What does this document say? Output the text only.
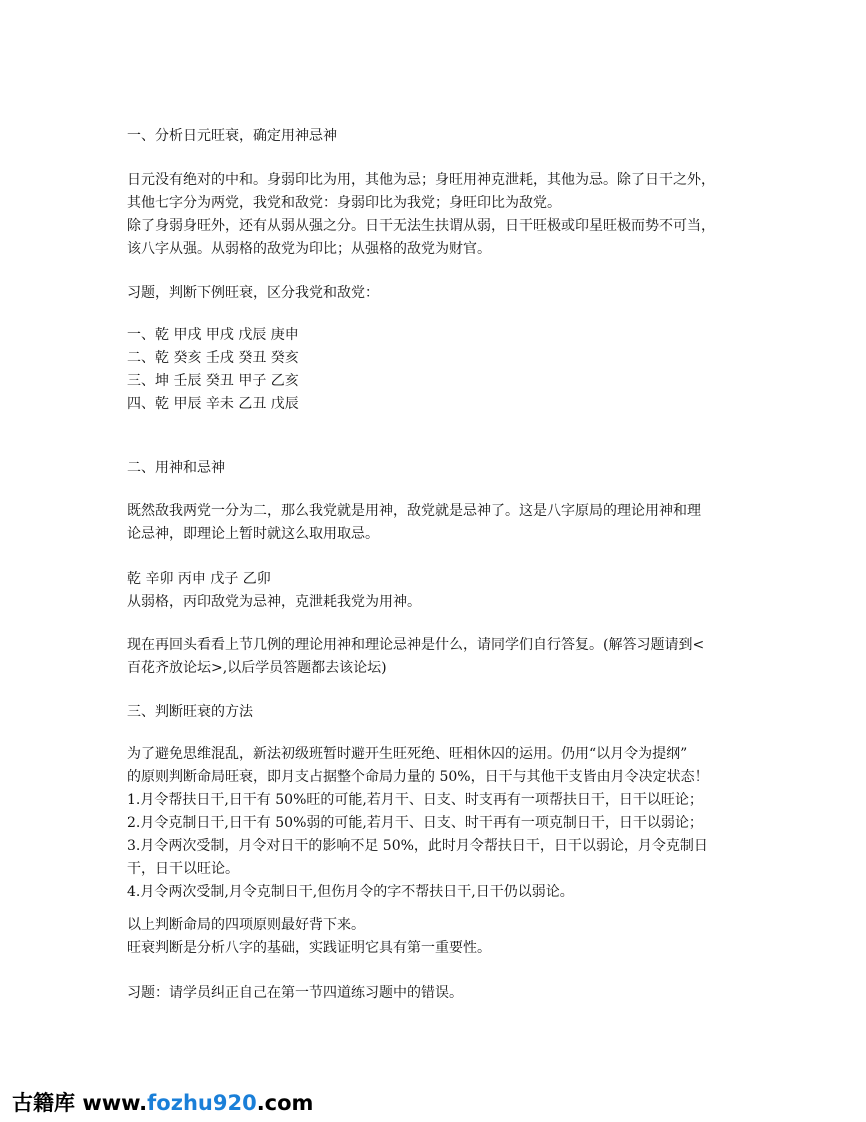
一、分析日元旺衰，确定用神忌神
日元没有绝对的中和。身弱印比为用，其他为忌；身旺用神克泄耗，其他为忌。除了日干之外，
其他七字分为两党，我党和敌党：身弱印比为我党；身旺印比为敌党。
除了身弱身旺外，还有从弱从强之分。日干无法生扶谓从弱，日干旺极或印星旺极而势不可当，
该八字从强。从弱格的敌党为印比；从强格的敌党为财官。
习题，判断下例旺衰，区分我党和敌党：
一、乾 甲戌 甲戌 戊辰 庚申
二、乾 癸亥 壬戌 癸丑 癸亥
三、坤 壬辰 癸丑 甲子 乙亥
四、乾 甲辰 辛未 乙丑 戊辰
二、用神和忌神
既然敌我两党一分为二，那么我党就是用神，敌党就是忌神了。这是八字原局的理论用神和理
论忌神，即理论上暂时就这么取用取忌。
乾 辛卯 丙申 戊子 乙卯
从弱格，丙印敌党为忌神，克泄耗我党为用神。
现在再回头看看上节几例的理论用神和理论忌神是什么，请同学们自行答复。(解答习题请到<
百花齐放论坛>,以后学员答题都去该论坛)
三、判断旺衰的方法
为了避免思维混乱，新法初级班暂时避开生旺死绝、旺相休囚的运用。仍用“以月令为提纲”
的原则判断命局旺衰，即月支占据整个命局力量的 50%，日干与其他干支皆由月令决定状态！
1.月令帮扶日干,日干有 50%旺的可能,若月干、日支、时支再有一项帮扶日干，日干以旺论；
2.月令克制日干,日干有 50%弱的可能,若月干、日支、时干再有一项克制日干，日干以弱论；
3.月令两次受制，月令对日干的影响不足 50%，此时月令帮扶日干，日干以弱论，月令克制日
干，日干以旺论。
4.月令两次受制,月令克制日干,但伤月令的字不帮扶日干,日干仍以弱论。
以上判断命局的四项原则最好背下来。
旺衰判断是分析八字的基础，实践证明它具有第一重要性。
习题：请学员纠正自己在第一节四道练习题中的错误。
古籍库 www.fozhu920.com
